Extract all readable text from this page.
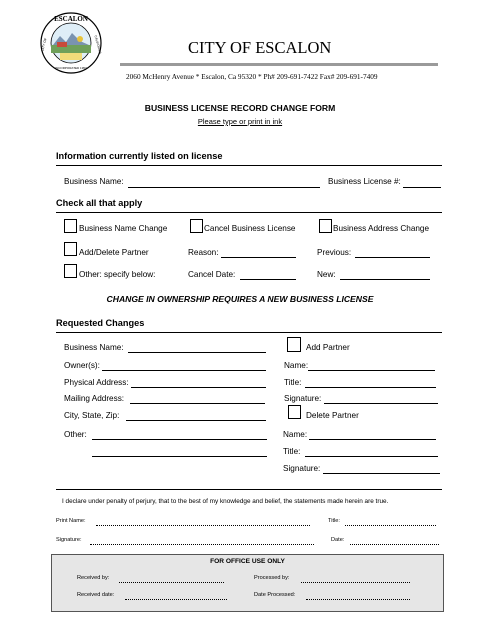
ESCALON
CITY OF	CALIFORNIA
INCORPORATED 1957
CITY OF ESCALON
2060 McHenry Avenue * Escalon, Ca 95320 * Ph# 209-691-7422 Fax# 209-691-7409
BUSINESS LICENSE RECORD CHANGE FORM
Please type or print in ink
Information currently listed on license
Business Name:	Business License #:
Check all that apply
Business Name Change	Cancel Business License	Business Address Change
Add/Delete Partner	Reason:	Previous:
Other: specify below:	Cancel Date:	New:
CHANGE IN OWNERSHIP REQUIRES A NEW BUSINESS LICENSE
Requested Changes
Business Name:
Owner(s):
Physical Address:
Mailing Address:
City, State, Zip:
Other:
Add Partner
Name:
Title:
Signature:
Delete Partner
Name:
Title:
Signature:
I declare under penalty of perjury, that to the best of my knowledge and belief, the statements made herein are true.
Print Name:	Title:
Signature:	Date:
FOR OFFICE USE ONLY
Received by:	Processed by:
Received date:	Date Processed:
